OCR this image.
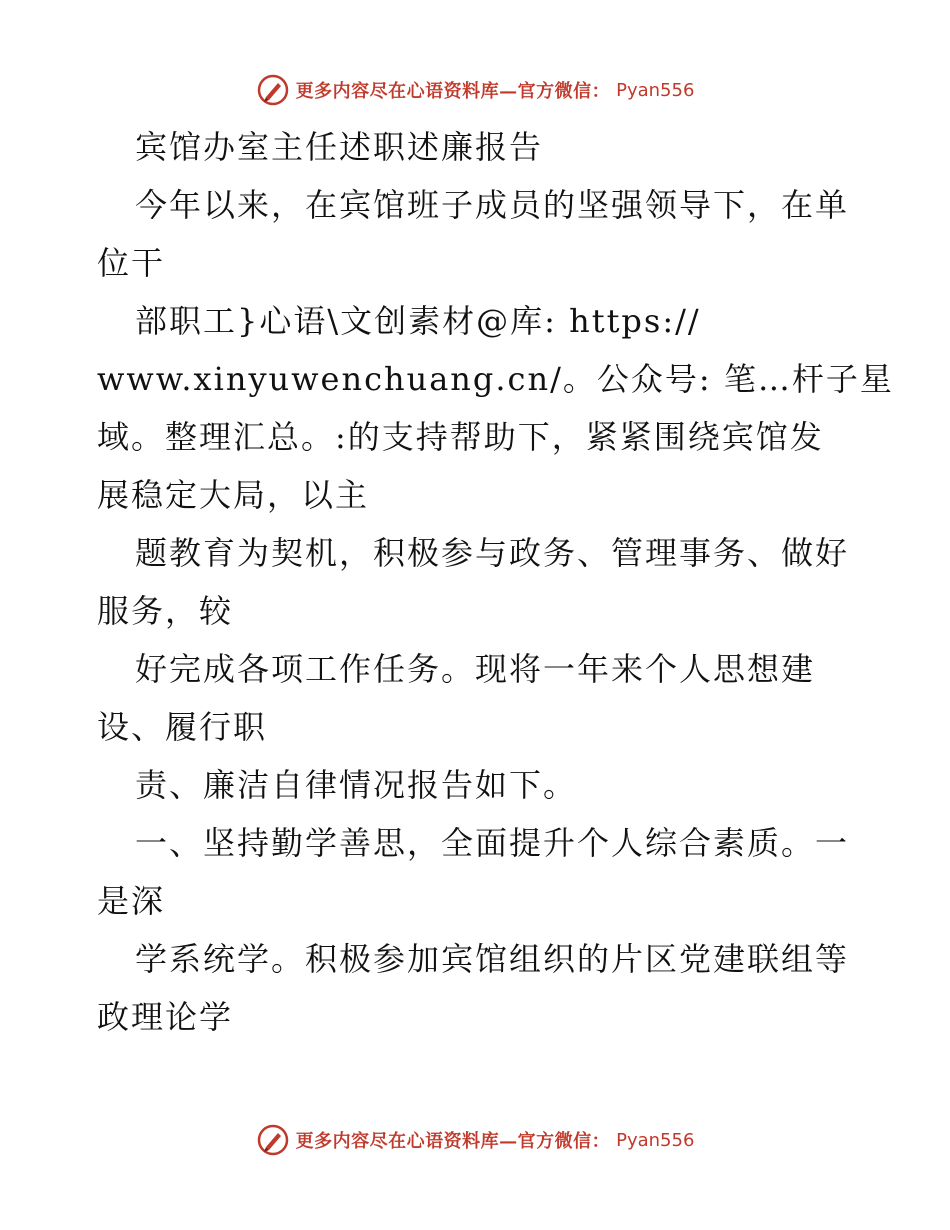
更多内容尽在心语资料库—官方微信： Pyan556
宾馆办室主任述职述廉报告
今年以来，在宾馆班子成员的坚强领导下，在单
位干
部职工}心语\文创素材@库: https://
www.xinyuwenchuang.cn/。公众号: 笔…杆子星
域。整理汇总。:的支持帮助下，紧紧围绕宾馆发
展稳定大局，以主
题教育为契机，积极参与政务、管理事务、做好
服务，较
好完成各项工作任务。现将一年来个人思想建
设、履行职
责、廉洁自律情况报告如下。
一、坚持勤学善思，全面提升个人综合素质。一
是深
学系统学。积极参加宾馆组织的片区党建联组等
政理论学
更多内容尽在心语资料库—官方微信： Pyan556
